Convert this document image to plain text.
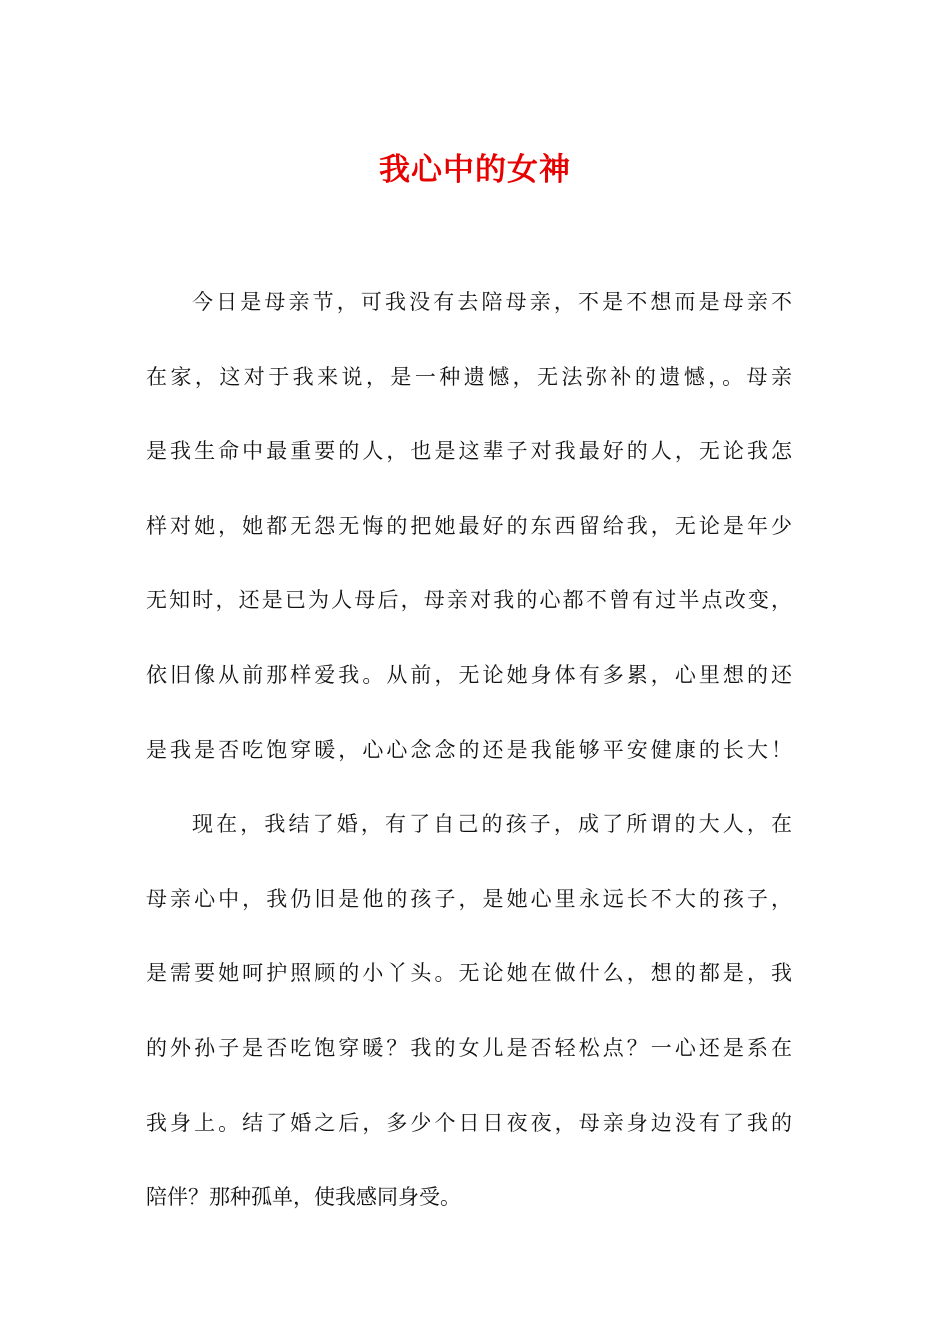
我心中的女神
今日是母亲节，可我没有去陪母亲，不是不想而是母亲不
在家，这对于我来说，是一种遗憾，无法弥补的遗憾，。母亲
是我生命中最重要的人，也是这辈子对我最好的人，无论我怎
样对她，她都无怨无悔的把她最好的东西留给我，无论是年少
无知时，还是已为人母后，母亲对我的心都不曾有过半点改变，
依旧像从前那样爱我。从前，无论她身体有多累，心里想的还
是我是否吃饱穿暖，心心念念的还是我能够平安健康的长大！
现在，我结了婚，有了自己的孩子，成了所谓的大人，在
母亲心中，我仍旧是他的孩子，是她心里永远长不大的孩子，
是需要她呵护照顾的小丫头。无论她在做什么，想的都是，我
的外孙子是否吃饱穿暖？我的女儿是否轻松点？一心还是系在
我身上。结了婚之后，多少个日日夜夜，母亲身边没有了我的
陪伴？那种孤单，使我感同身受。
